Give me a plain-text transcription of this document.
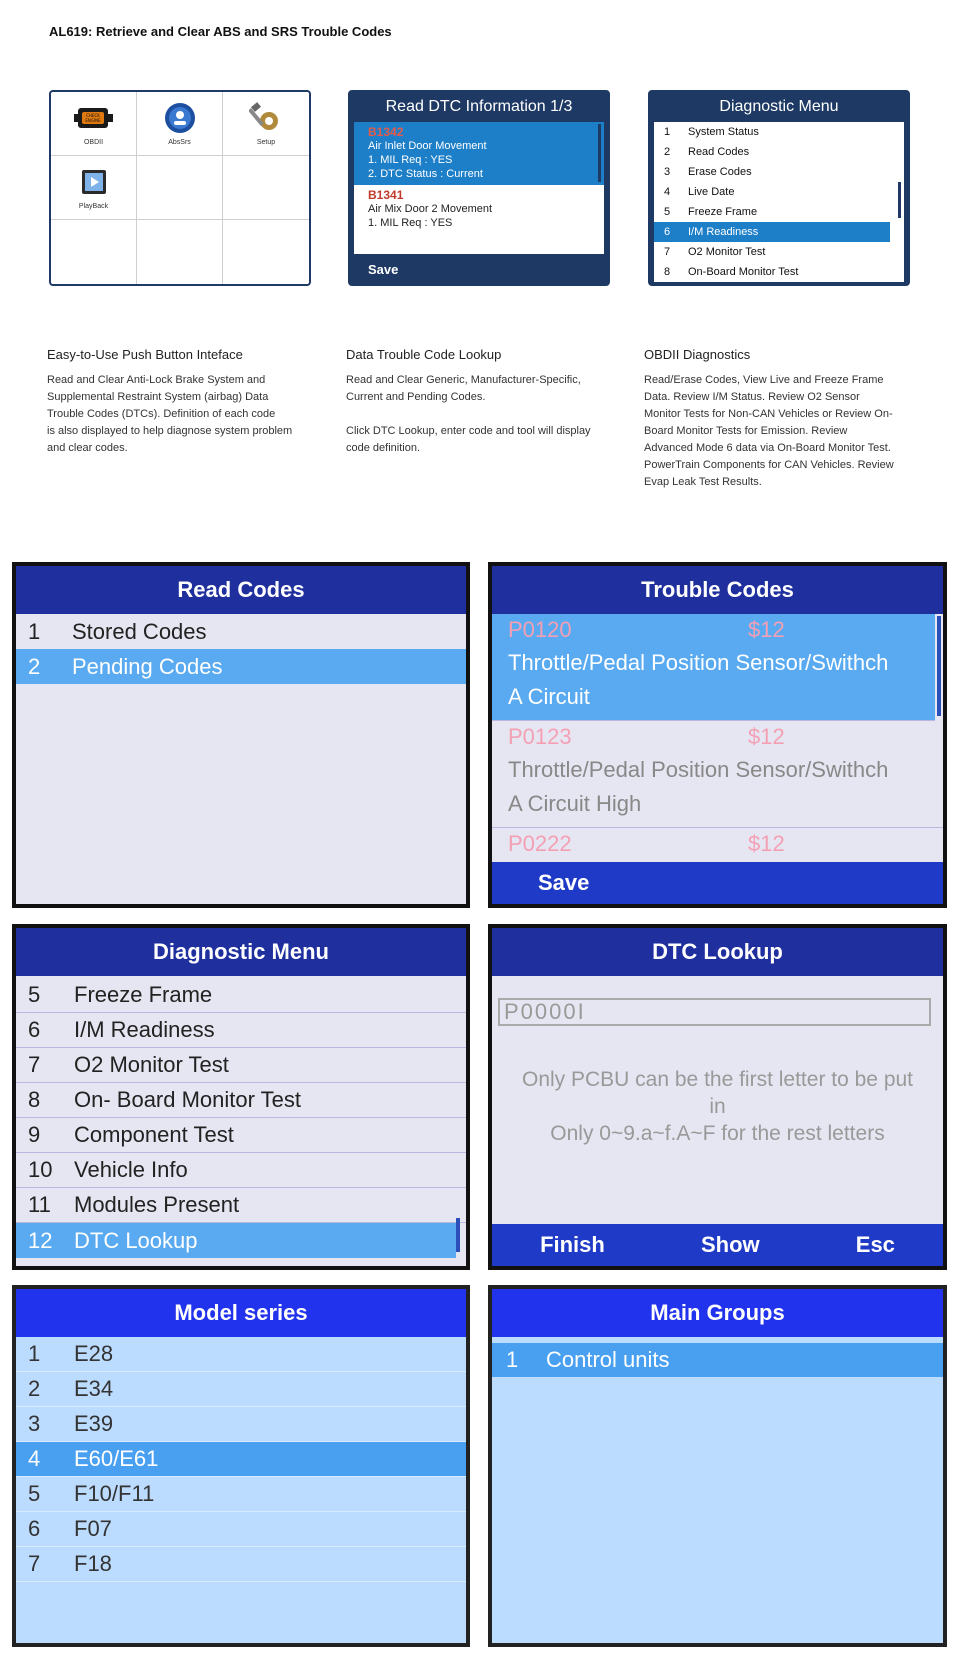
AL619: Retrieve and Clear ABS and SRS Trouble Codes
CHECK
ENGINE
OBDII	AbsSrs	Setup
PlayBack
Read DTC Information 1/3
B1342
Air Inlet Door Movement
1. MIL Req : YES
2. DTC Status : Current
B1341
Air Mix Door 2 Movement
1. MIL Req : YES
Save
Diagnostic Menu
1	System Status
2	Read Codes
3	Erase Codes
4	Live Date
5	Freeze Frame
6	I/M Readiness
7	O2 Monitor Test
8	On-Board Monitor Test
Easy-to-Use Push Button Inteface
Read and Clear Anti-Lock Brake System and
Supplemental Restraint System (airbag) Data
Trouble Codes (DTCs). Definition of each code
is also displayed to help diagnose system problem
and clear codes.
Data Trouble Code Lookup
Read and Clear Generic, Manufacturer-Specific,
Current and Pending Codes.

Click DTC Lookup, enter code and tool will display
code definition.
OBDII Diagnostics
Read/Erase Codes, View Live and Freeze Frame
Data. Review I/M Status. Review O2 Sensor
Monitor Tests for Non-CAN Vehicles or Review On-
Board Monitor Tests for Emission. Review
Advanced Mode 6 data via On-Board Monitor Test.
PowerTrain Components for CAN Vehicles. Review
Evap Leak Test Results.
Read Codes
1	Stored Codes
2	Pending Codes
Trouble Codes
P0120	$12
Throttle/Pedal Position Sensor/Swithch
A Circuit
P0123	$12
Throttle/Pedal Position Sensor/Swithch
A Circuit High
P0222	$12
Save
Diagnostic Menu
5	Freeze Frame
6	I/M Readiness
7	O2 Monitor Test
8	On- Board Monitor Test
9	Component Test
10 Vehicle Info
11	Modules Present
12 DTC Lookup
DTC Lookup
P0000I
Only PCBU can be the first letter to be put
in
Only 0~9.a~f.A~F for the rest letters
Finish	Show	Esc
Model series
1	E28
2	E34
3	E39
4	E60/E61
5	F10/F11
6	F07
7	F18
Main Groups
1	Control units
